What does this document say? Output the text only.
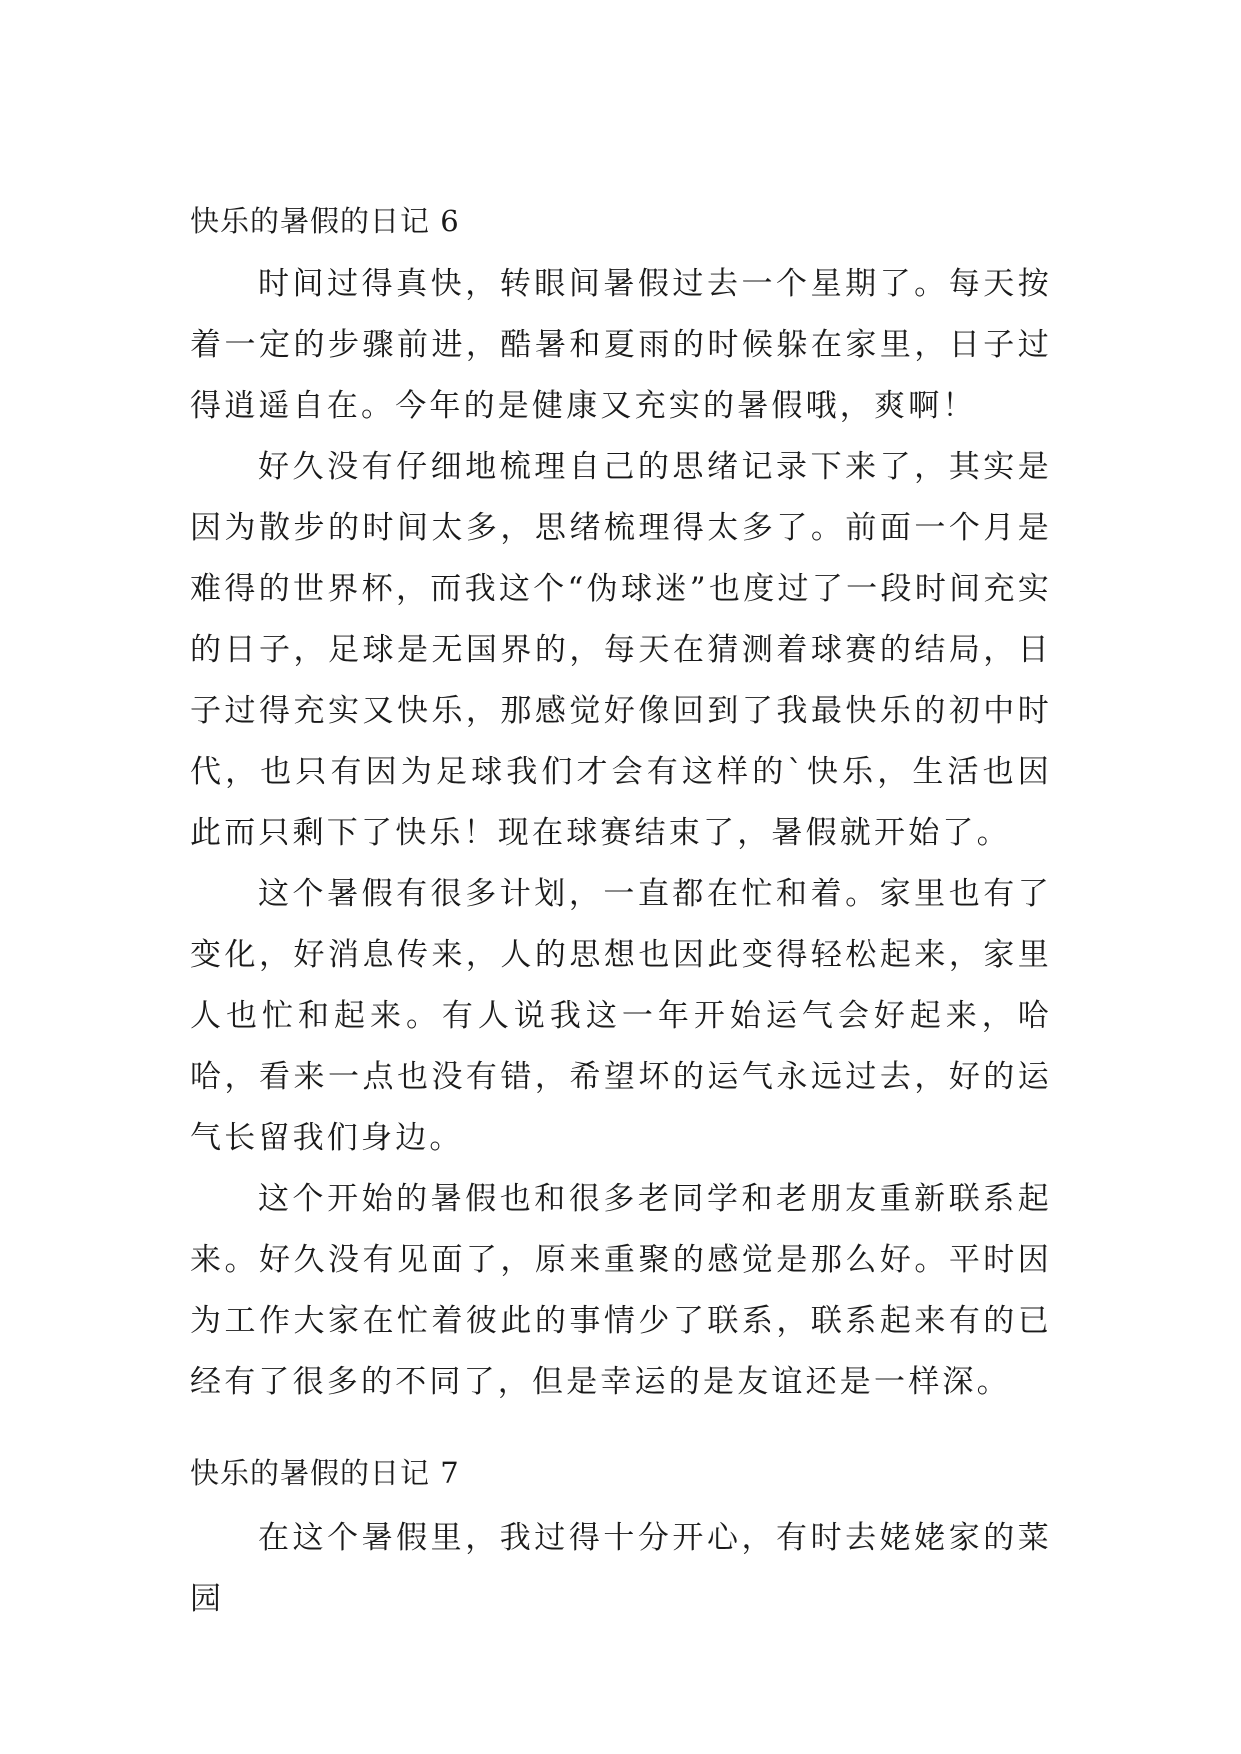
快乐的暑假的日记 6

时间过得真快，转眼间暑假过去一个星期了。每天按着一定的步骤前进，酷暑和夏雨的时候躲在家里，日子过得逍遥自在。今年的是健康又充实的暑假哦，爽啊！

好久没有仔细地梳理自己的思绪记录下来了，其实是因为散步的时间太多，思绪梳理得太多了。前面一个月是难得的世界杯，而我这个“伪球迷”也度过了一段时间充实的日子，足球是无国界的，每天在猜测着球赛的结局，日子过得充实又快乐，那感觉好像回到了我最快乐的初中时代，也只有因为足球我们才会有这样的`快乐，生活也因此而只剩下了快乐！现在球赛结束了，暑假就开始了。

这个暑假有很多计划，一直都在忙和着。家里也有了变化，好消息传来，人的思想也因此变得轻松起来，家里人也忙和起来。有人说我这一年开始运气会好起来，哈哈，看来一点也没有错，希望坏的运气永远过去，好的运气长留我们身边。

这个开始的暑假也和很多老同学和老朋友重新联系起来。好久没有见面了，原来重聚的感觉是那么好。平时因为工作大家在忙着彼此的事情少了联系，联系起来有的已经有了很多的不同了，但是幸运的是友谊还是一样深。

快乐的暑假的日记 7

在这个暑假里，我过得十分开心，有时去姥姥家的菜园
